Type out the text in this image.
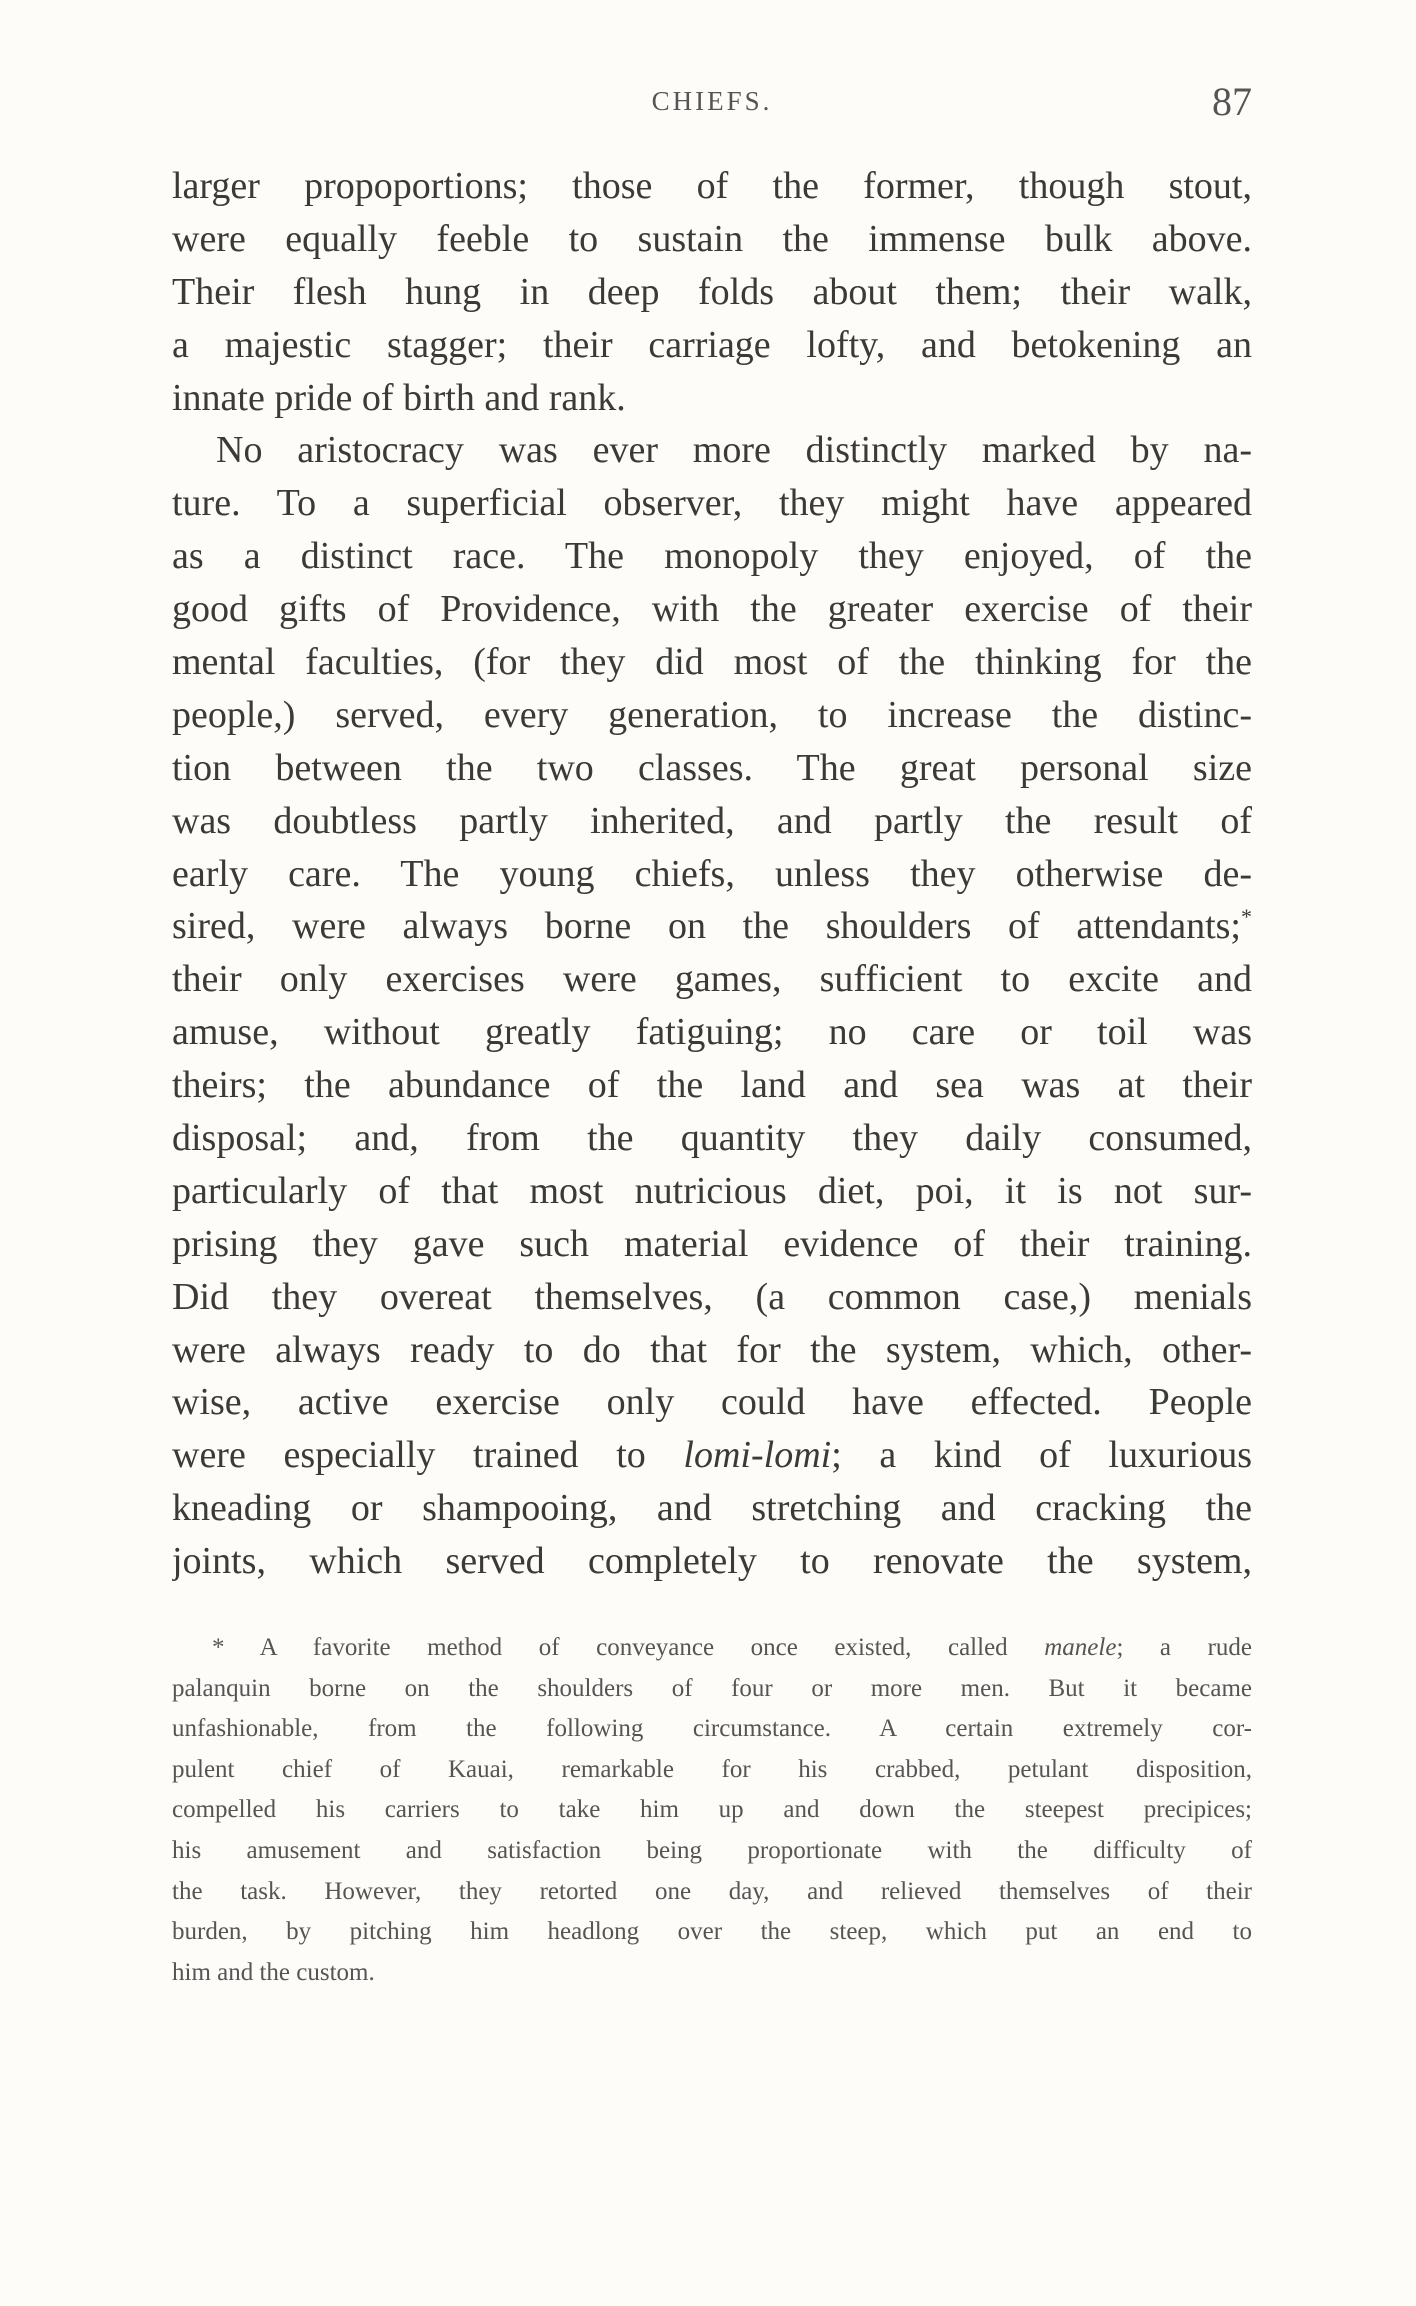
CHIEFS.	87
larger propoportions; those of the former, though stout,
were equally feeble to sustain the immense bulk above.
Their flesh hung in deep folds about them; their walk,
a majestic stagger; their carriage lofty, and betokening an
innate pride of birth and rank.
No aristocracy was ever more distinctly marked by na-
ture. To a superficial observer, they might have appeared
as a distinct race. The monopoly they enjoyed, of the
good gifts of Providence, with the greater exercise of their
mental faculties, (for they did most of the thinking for the
people,) served, every generation, to increase the distinc-
tion between the two classes. The great personal size
was doubtless partly inherited, and partly the result of
early care. The young chiefs, unless they otherwise de-
sired, were always borne on the shoulders of attendants;*
their only exercises were games, sufficient to excite and
amuse, without greatly fatiguing; no care or toil was
theirs; the abundance of the land and sea was at their
disposal; and, from the quantity they daily consumed,
particularly of that most nutricious diet, poi, it is not sur-
prising they gave such material evidence of their training.
Did they overeat themselves, (a common case,) menials
were always ready to do that for the system, which, other-
wise, active exercise only could have effected. People
were especially trained to lomi-lomi; a kind of luxurious
kneading or shampooing, and stretching and cracking the
joints, which served completely to renovate the system,
* A favorite method of conveyance once existed, called manele; a rude
palanquin borne on the shoulders of four or more men. But it became
unfashionable, from the following circumstance. A certain extremely cor-
pulent chief of Kauai, remarkable for his crabbed, petulant disposition,
compelled his carriers to take him up and down the steepest precipices;
his amusement and satisfaction being proportionate with the difficulty of
the task. However, they retorted one day, and relieved themselves of their
burden, by pitching him headlong over the steep, which put an end to
him and the custom.
